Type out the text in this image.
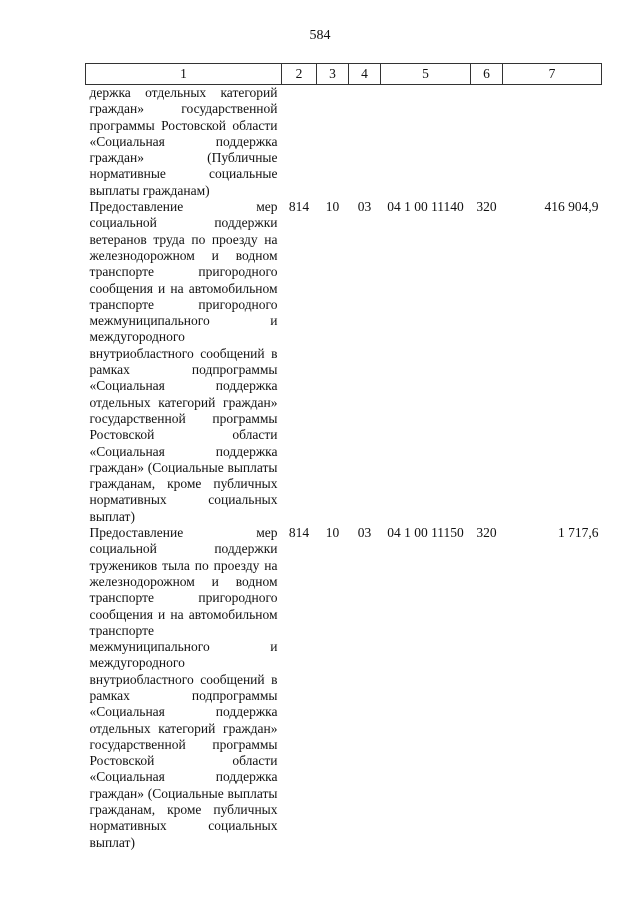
584
1	2	3	4	5	6	7
держка отдельных категорий граждан» государственной программы Ростовской области «Социальная поддержка граждан» (Публичные нормативные социальные выплаты гражданам)						
Предоставление мер социальной поддержки ветеранов труда по проезду на железнодорожном и водном транспорте пригородного сообщения и на автомобильном транспорте пригородного межмуниципального и междугородного внутриобластного сообщений в рамках подпрограммы «Социальная поддержка отдельных категорий граждан» государственной программы Ростовской области «Социальная поддержка граждан» (Социальные выплаты гражданам, кроме публичных нормативных социальных выплат)	814	10	03	04 1 00 11140	320	416 904,9
Предоставление мер социальной поддержки тружеников тыла по проезду на железнодорожном и водном транспорте пригородного сообщения и на автомобильном транспорте межмуниципального и междугородного внутриобластного сообщений в рамках подпрограммы «Социальная поддержка отдельных категорий граждан» государственной программы Ростовской области «Социальная поддержка граждан» (Социальные выплаты гражданам, кроме публичных нормативных социальных выплат)	814	10	03	04 1 00 11150	320	1 717,6
